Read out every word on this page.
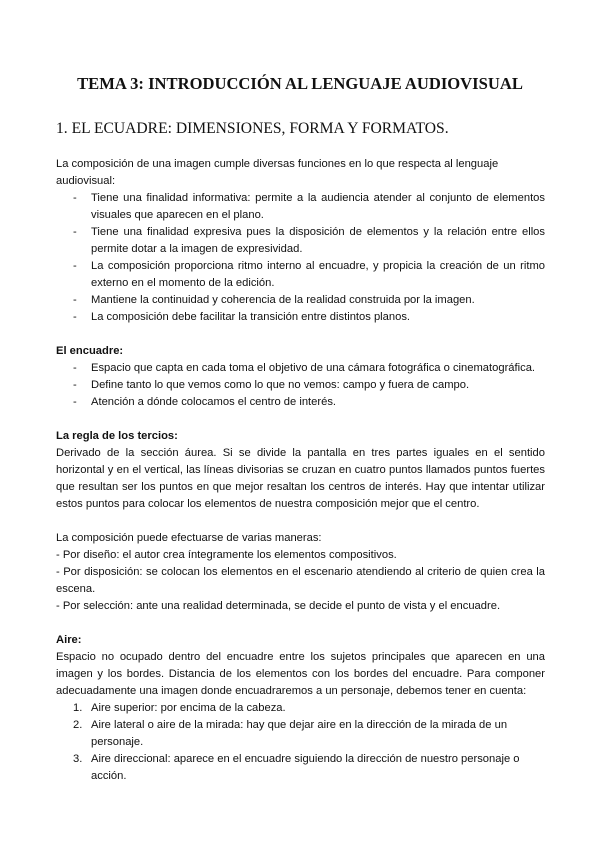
TEMA 3: INTRODUCCIÓN AL LENGUAJE AUDIOVISUAL
1. EL ECUADRE: DIMENSIONES, FORMA Y FORMATOS.

La composición de una imagen cumple diversas funciones en lo que respecta al lenguaje audiovisual:

- Tiene una finalidad informativa: permite a la audiencia atender al conjunto de elementos visuales que aparecen en el plano.
- Tiene una finalidad expresiva pues la disposición de elementos y la relación entre ellos permite dotar a la imagen de expresividad.
- La composición proporciona ritmo interno al encuadre, y propicia la creación de un ritmo externo en el momento de la edición.
- Mantiene la continuidad y coherencia de la realidad construida por la imagen.
- La composición debe facilitar la transición entre distintos planos.

El encuadre:

- Espacio que capta en cada toma el objetivo de una cámara fotográfica o cinematográfica.
- Define tanto lo que vemos como lo que no vemos: campo y fuera de campo.
- Atención a dónde colocamos el centro de interés.

La regla de los tercios:

Derivado de la sección áurea. Si se divide la pantalla en tres partes iguales en el sentido horizontal y en el vertical, las líneas divisorias se cruzan en cuatro puntos llamados puntos fuertes que resultan ser los puntos en que mejor resaltan los centros de interés. Hay que intentar utilizar estos puntos para colocar los elementos de nuestra composición mejor que el centro.

La composición puede efectuarse de varias maneras:

- Por diseño: el autor crea íntegramente los elementos compositivos.

- Por disposición: se colocan los elementos en el escenario atendiendo al criterio de quien crea la escena.

- Por selección: ante una realidad determinada, se decide el punto de vista y el encuadre.

Aire:

Espacio no ocupado dentro del encuadre entre los sujetos principales que aparecen en una imagen y los bordes. Distancia de los elementos con los bordes del encuadre. Para componer adecuadamente una imagen donde encuadraremos a un personaje, debemos tener en cuenta:

1. Aire superior: por encima de la cabeza.
2. Aire lateral o aire de la mirada: hay que dejar aire en la dirección de la mirada de un personaje.
3. Aire direccional: aparece en el encuadre siguiendo la dirección de nuestro personaje o acción.
